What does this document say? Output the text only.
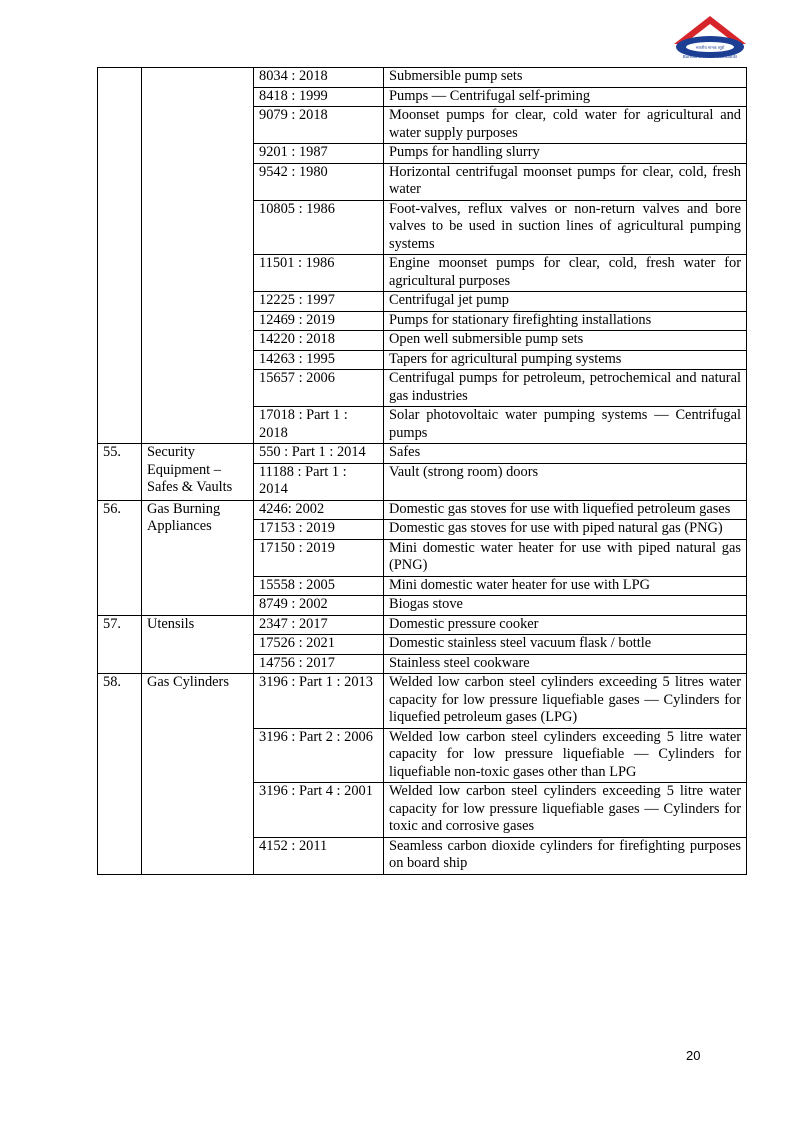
भारतीय मानक ब्यूरो
Bureau of Indian Standards
		8034 : 2018	Submersible pump sets
		8418 : 1999	Pumps — Centrifugal self-priming
		9079 : 2018	Moonset pumps for clear, cold water for agricultural and water supply purposes
		9201 : 1987	Pumps for handling slurry
		9542 : 1980	Horizontal centrifugal moonset pumps for clear, cold, fresh water
		10805 : 1986	Foot-valves, reflux valves or non-return valves and bore valves to be used in suction lines of agricultural pumping systems
		11501 : 1986	Engine moonset pumps for clear, cold, fresh water for agricultural purposes
		12225 : 1997	Centrifugal jet pump
		12469 : 2019	Pumps for stationary firefighting installations
		14220 : 2018	Open well submersible pump sets
		14263 : 1995	Tapers for agricultural pumping systems
		15657 : 2006	Centrifugal pumps for petroleum, petrochemical and natural gas industries
		17018 : Part 1 : 2018	Solar photovoltaic water pumping systems — Centrifugal pumps
55.	Security Equipment – Safes & Vaults	550 : Part 1 : 2014	Safes
		11188 : Part 1 : 2014	Vault (strong room) doors
56.	Gas Burning Appliances	4246: 2002	Domestic gas stoves for use with liquefied petroleum gases
		17153 : 2019	Domestic gas stoves for use with piped natural gas (PNG)
		17150 : 2019	Mini domestic water heater for use with piped natural gas (PNG)
		15558 : 2005	Mini domestic water heater for use with LPG
		8749 : 2002	Biogas stove
57.	Utensils	2347 : 2017	Domestic pressure cooker
		17526 : 2021	Domestic stainless steel vacuum flask / bottle
		14756 : 2017	Stainless steel cookware
58.	Gas Cylinders	3196 : Part 1 : 2013	Welded low carbon steel cylinders exceeding 5 litres water capacity for low pressure liquefiable gases — Cylinders for liquefied petroleum gases (LPG)
		3196 : Part 2 : 2006	Welded low carbon steel cylinders exceeding 5 litre water capacity for low pressure liquefiable — Cylinders for liquefiable non-toxic gases other than LPG
		3196 : Part 4 : 2001	Welded low carbon steel cylinders exceeding 5 litre water capacity for low pressure liquefiable gases — Cylinders for toxic and corrosive gases
		4152 : 2011	Seamless carbon dioxide cylinders for firefighting purposes on board ship
20
